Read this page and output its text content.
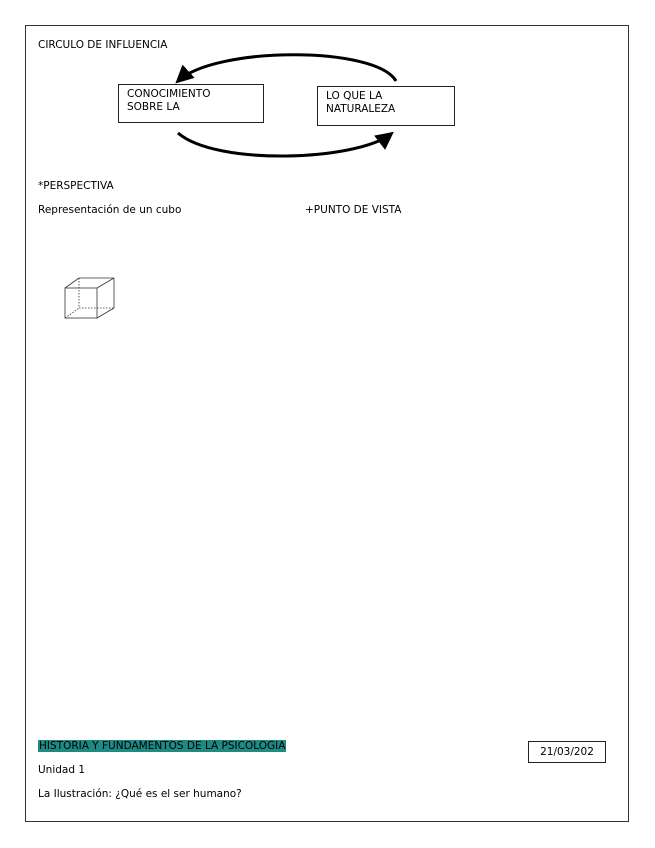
CIRCULO DE INFLUENCIA
CONOCIMIENTO
SOBRE LA
LO QUE LA
NATURALEZA
*PERSPECTIVA
Representación de un cubo	+PUNTO DE VISTA
HISTORIA Y FUNDAMENTOS DE LA PSICOLOGIA
Unidad 1
La Ilustración: ¿Qué es el ser humano?
21/03/202
